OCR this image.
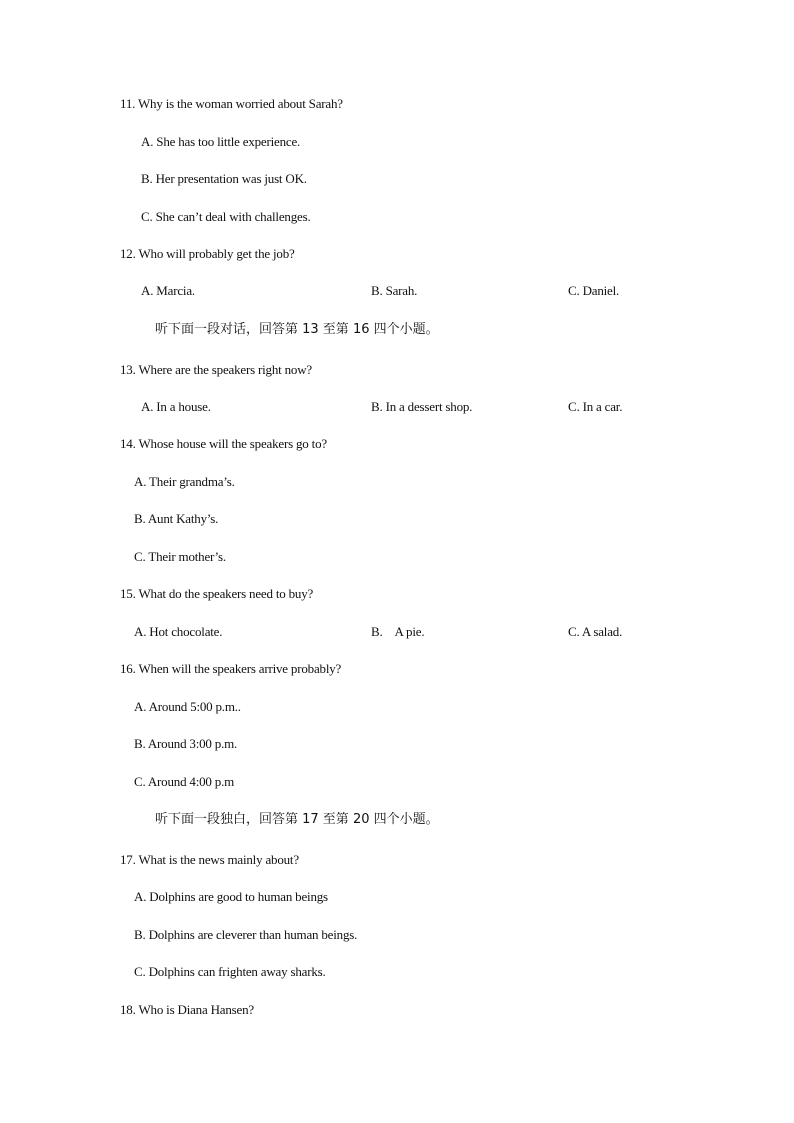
11. Why is the woman worried about Sarah?
A. She has too little experience.
B. Her presentation was just OK.
C. She can’t deal with challenges.
12. Who will probably get the job?
A. Marcia.	B. Sarah.	C. Daniel.
听下面一段对话，回答第 13 至第 16 四个小题。
13. Where are the speakers right now?
A. In a house.	B. In a dessert shop.	C. In a car.
14. Whose house will the speakers go to?
A. Their grandma’s.
B. Aunt Kathy’s.
C. Their mother’s.
15. What do the speakers need to buy?
A. Hot chocolate.	B. A pie.	C. A salad.
16. When will the speakers arrive probably?
A. Around 5:00 p.m..
B. Around 3:00 p.m.
C. Around 4:00 p.m
听下面一段独白，回答第 17 至第 20 四个小题。
17. What is the news mainly about?
A. Dolphins are good to human beings
B. Dolphins are cleverer than human beings.
C. Dolphins can frighten away sharks.
18. Who is Diana Hansen?
